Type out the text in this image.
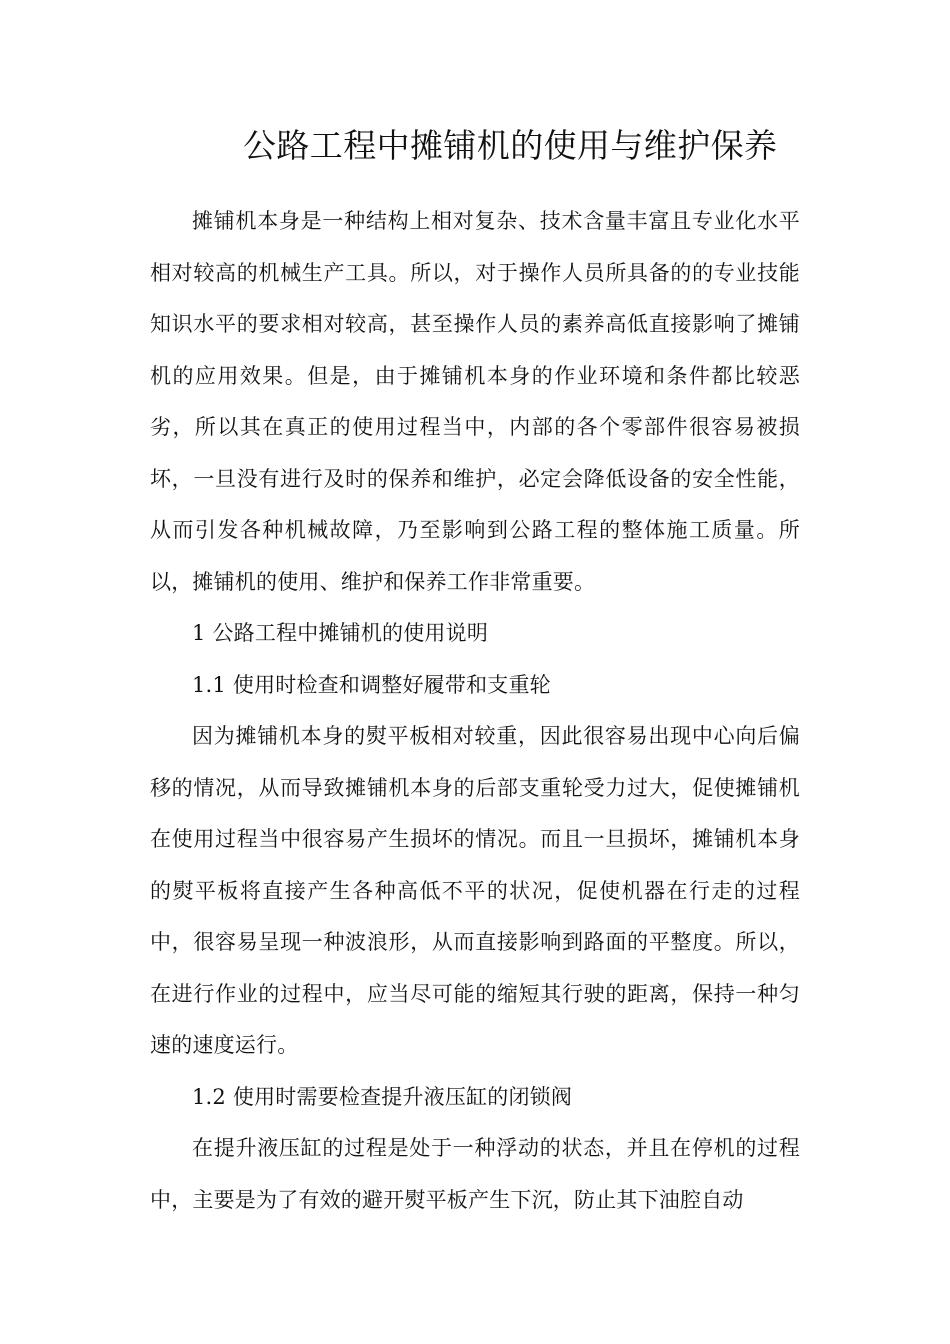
公路工程中摊铺机的使用与维护保养

摊铺机本身是一种结构上相对复杂、技术含量丰富且专业化水平相对较高的机械生产工具。所以，对于操作人员所具备的的专业技能知识水平的要求相对较高，甚至操作人员的素养高低直接影响了摊铺机的应用效果。但是，由于摊铺机本身的作业环境和条件都比较恶劣，所以其在真正的使用过程当中，内部的各个零部件很容易被损坏，一旦没有进行及时的保养和维护，必定会降低设备的安全性能，从而引发各种机械故障，乃至影响到公路工程的整体施工质量。所以，摊铺机的使用、维护和保养工作非常重要。

1 公路工程中摊铺机的使用说明

1.1 使用时检查和调整好履带和支重轮

因为摊铺机本身的熨平板相对较重，因此很容易出现中心向后偏移的情况，从而导致摊铺机本身的后部支重轮受力过大，促使摊铺机在使用过程当中很容易产生损坏的情况。而且一旦损坏，摊铺机本身的熨平板将直接产生各种高低不平的状况，促使机器在行走的过程中，很容易呈现一种波浪形，从而直接影响到路面的平整度。所以，在进行作业的过程中，应当尽可能的缩短其行驶的距离，保持一种匀速的速度运行。

1.2 使用时需要检查提升液压缸的闭锁阀

在提升液压缸的过程是处于一种浮动的状态，并且在停机的过程中，主要是为了有效的避开熨平板产生下沉，防止其下油腔自动
